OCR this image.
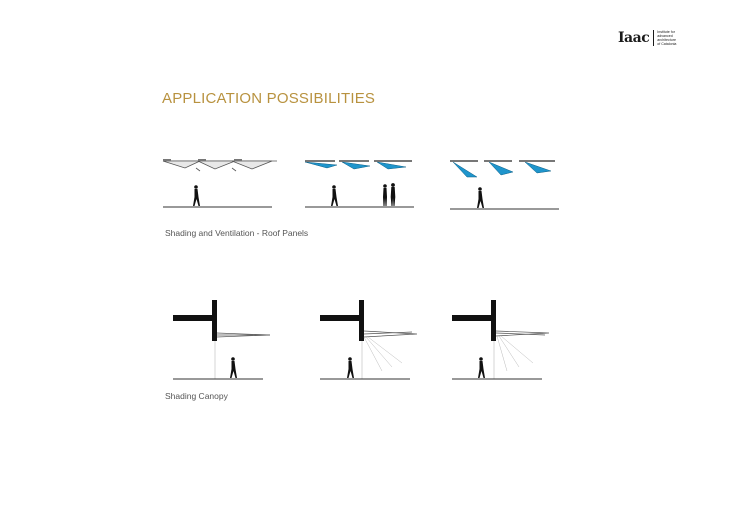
Iaac Institute for
advanced
architecture
of Catalonia
APPLICATION POSSIBILITIES
Shading and Ventilation - Roof Panels
Shading Canopy
